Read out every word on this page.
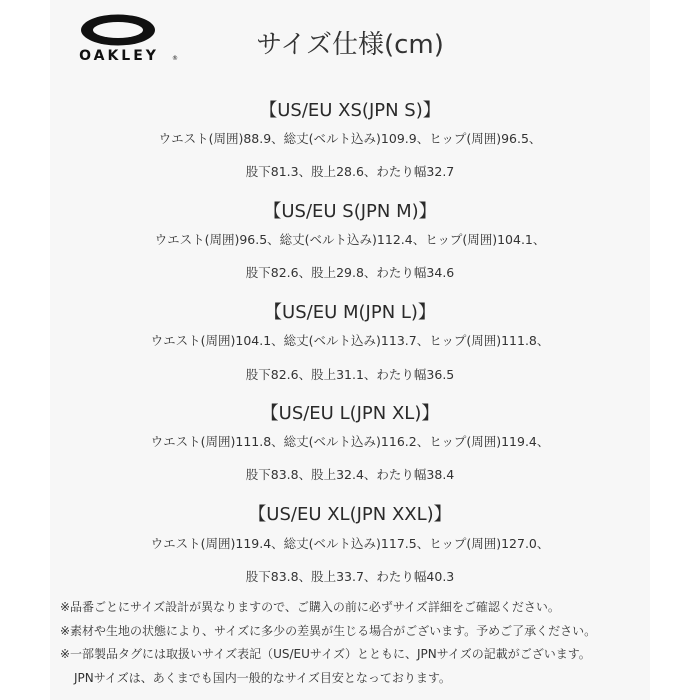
OAKLEY	®	サイズ仕様(cm)
【US/EU XS(JPN S)】
ウエスト(周囲)88.9、総丈(ベルト込み)109.9、ヒップ(周囲)96.5、
股下81.3、股上28.6、わたり幅32.7
【US/EU S(JPN M)】
ウエスト(周囲)96.5、総丈(ベルト込み)112.4、ヒップ(周囲)104.1、
股下82.6、股上29.8、わたり幅34.6
【US/EU M(JPN L)】
ウエスト(周囲)104.1、総丈(ベルト込み)113.7、ヒップ(周囲)111.8、
股下82.6、股上31.1、わたり幅36.5
【US/EU L(JPN XL)】
ウエスト(周囲)111.8、総丈(ベルト込み)116.2、ヒップ(周囲)119.4、
股下83.8、股上32.4、わたり幅38.4
【US/EU XL(JPN XXL)】
ウエスト(周囲)119.4、総丈(ベルト込み)117.5、ヒップ(周囲)127.0、
股下83.8、股上33.7、わたり幅40.3
※品番ごとにサイズ設計が異なりますので、ご購入の前に必ずサイズ詳細をご確認ください。
※素材や生地の状態により、サイズに多少の差異が生じる場合がございます。予めご了承ください。
※一部製品タグには取扱いサイズ表記（US/EUサイズ）とともに、JPNサイズの記載がございます。
JPNサイズは、あくまでも国内一般的なサイズ目安となっております。
